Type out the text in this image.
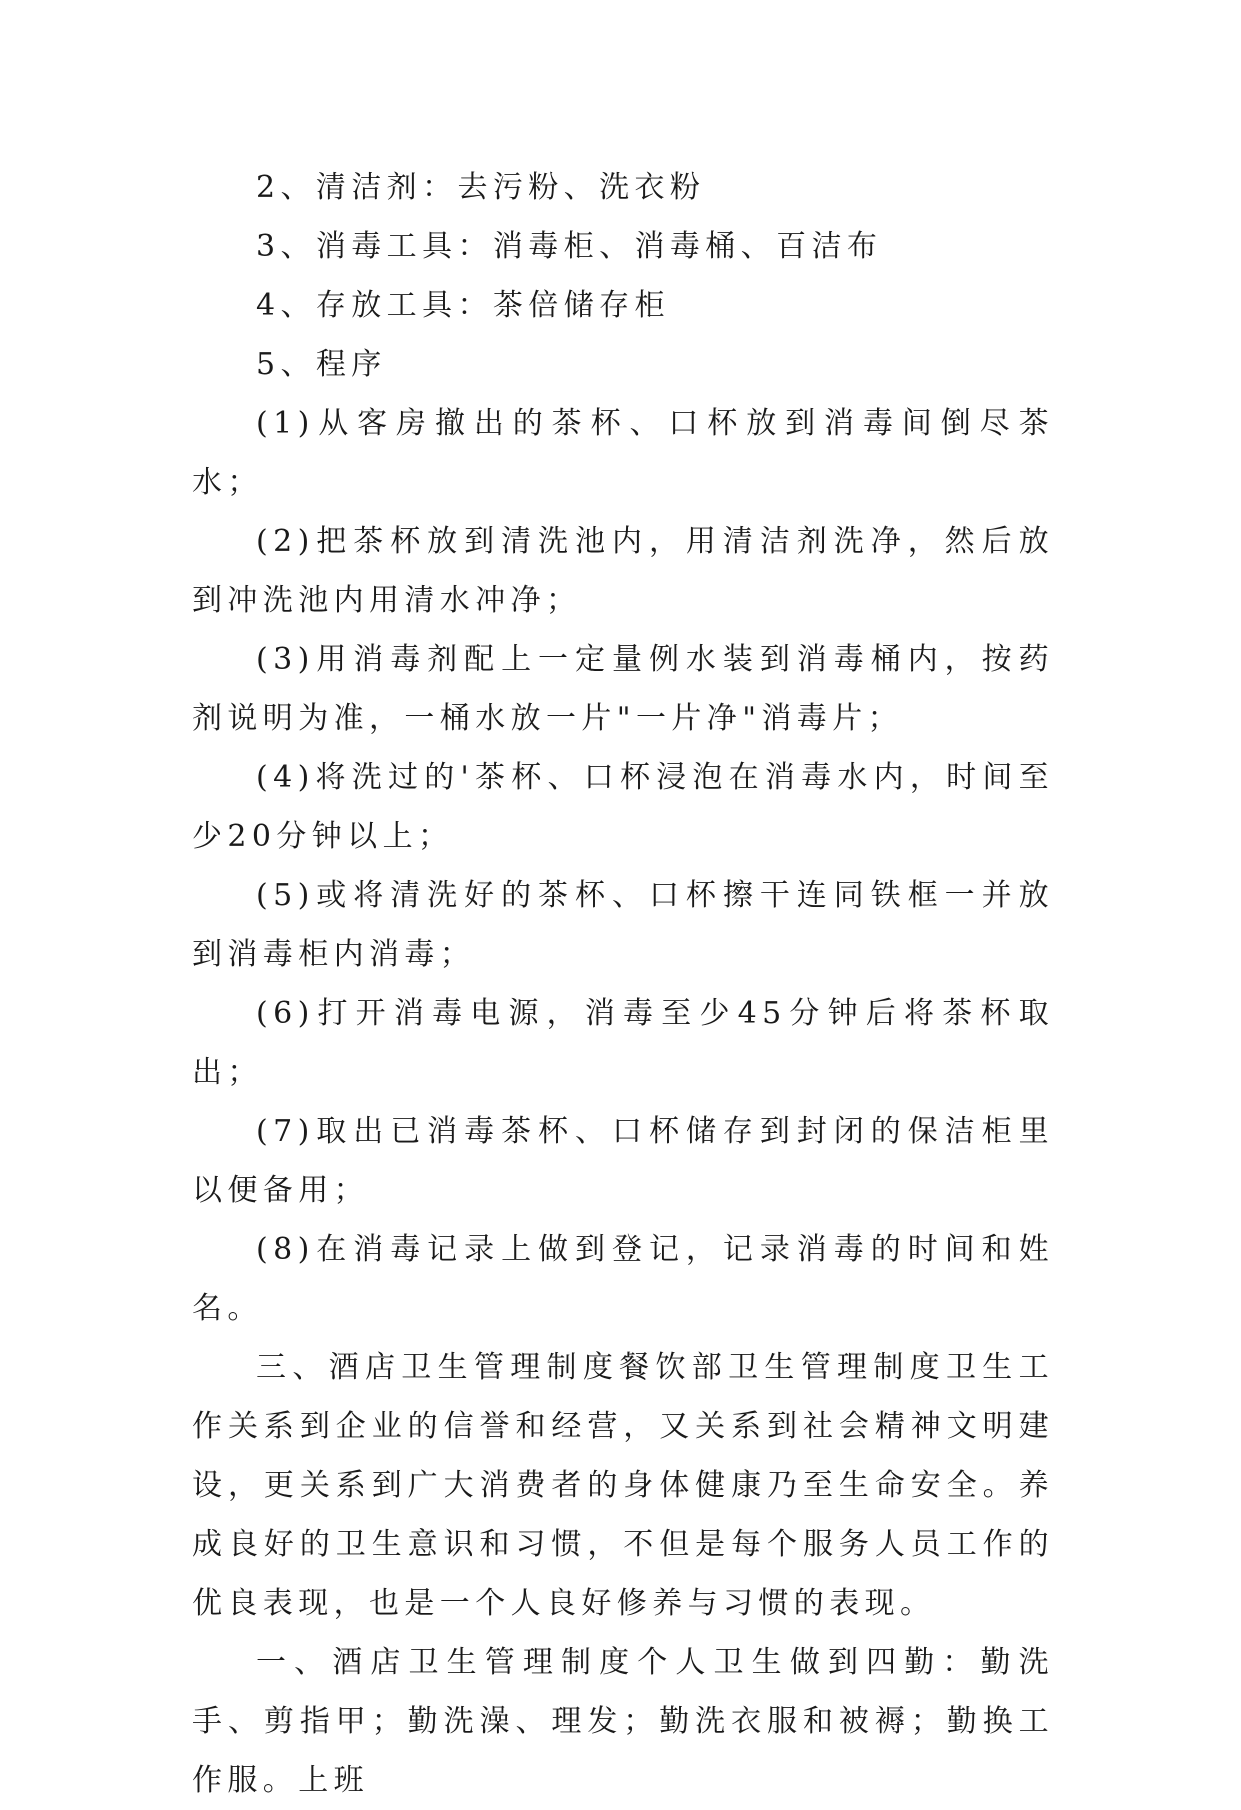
2、清洁剂：去污粉、洗衣粉

3、消毒工具：消毒柜、消毒桶、百洁布

4、存放工具：茶倍储存柜

5、程序

(1)从客房撤出的茶杯、口杯放到消毒间倒尽茶水；

(2)把茶杯放到清洗池内，用清洁剂洗净，然后放到冲洗池内用清水冲净；

(3)用消毒剂配上一定量例水装到消毒桶内，按药剂说明为准，一桶水放一片"一片净"消毒片；

(4)将洗过的'茶杯、口杯浸泡在消毒水内，时间至少20分钟以上；

(5)或将清洗好的茶杯、口杯擦干连同铁框一并放到消毒柜内消毒；

(6)打开消毒电源，消毒至少45分钟后将茶杯取出；

(7)取出已消毒茶杯、口杯储存到封闭的保洁柜里以便备用；

(8)在消毒记录上做到登记，记录消毒的时间和姓名。

三、酒店卫生管理制度餐饮部卫生管理制度卫生工作关系到企业的信誉和经营，又关系到社会精神文明建设，更关系到广大消费者的身体健康乃至生命安全。养成良好的卫生意识和习惯，不但是每个服务人员工作的优良表现，也是一个人良好修养与习惯的表现。

一、酒店卫生管理制度个人卫生做到四勤：勤洗手、剪指甲；勤洗澡、理发；勤洗衣服和被褥；勤换工作服。上班
